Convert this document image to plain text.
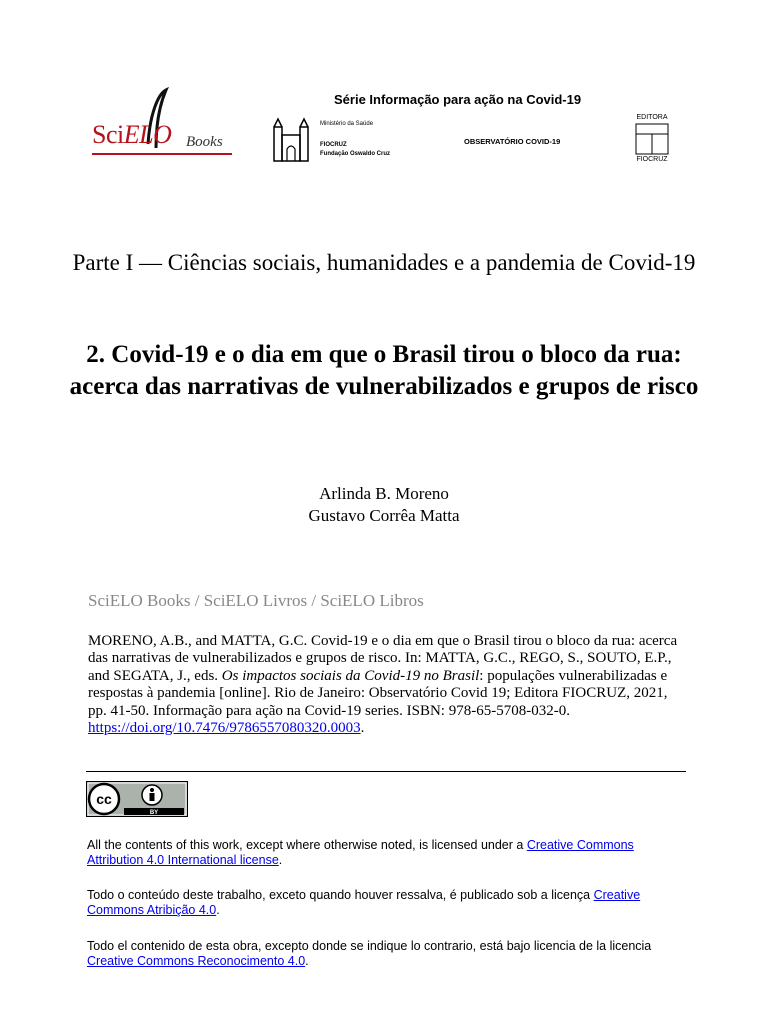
SciELO Books
Série Informação para ação na Covid-19
Ministério da Saúde
FIOCRUZ
Fundação Oswaldo Cruz
OBSERVATÓRIO COVID-19
EDITORA
FIOCRUZ
Parte I — Ciências sociais, humanidades e a pandemia de Covid-19
2. Covid-19 e o dia em que o Brasil tirou o bloco da rua: acerca das narrativas de vulnerabilizados e grupos de risco
Arlinda B. Moreno
Gustavo Corrêa Matta
SciELO Books / SciELO Livros / SciELO Libros
MORENO, A.B., and MATTA, G.C. Covid-19 e o dia em que o Brasil tirou o bloco da rua: acerca das narrativas de vulnerabilizados e grupos de risco. In: MATTA, G.C., REGO, S., SOUTO, E.P., and SEGATA, J., eds. Os impactos sociais da Covid-19 no Brasil: populações vulnerabilizadas e respostas à pandemia [online]. Rio de Janeiro: Observatório Covid 19; Editora FIOCRUZ, 2021, pp. 41-50. Informação para ação na Covid-19 series. ISBN: 978-65-5708-032-0. https://doi.org/10.7476/9786557080320.0003.
cc
BY
All the contents of this work, except where otherwise noted, is licensed under a Creative Commons Attribution 4.0 International license.
Todo o conteúdo deste trabalho, exceto quando houver ressalva, é publicado sob a licença Creative Commons Atribição 4.0.
Todo el contenido de esta obra, excepto donde se indique lo contrario, está bajo licencia de la licencia Creative Commons Reconocimento 4.0.
